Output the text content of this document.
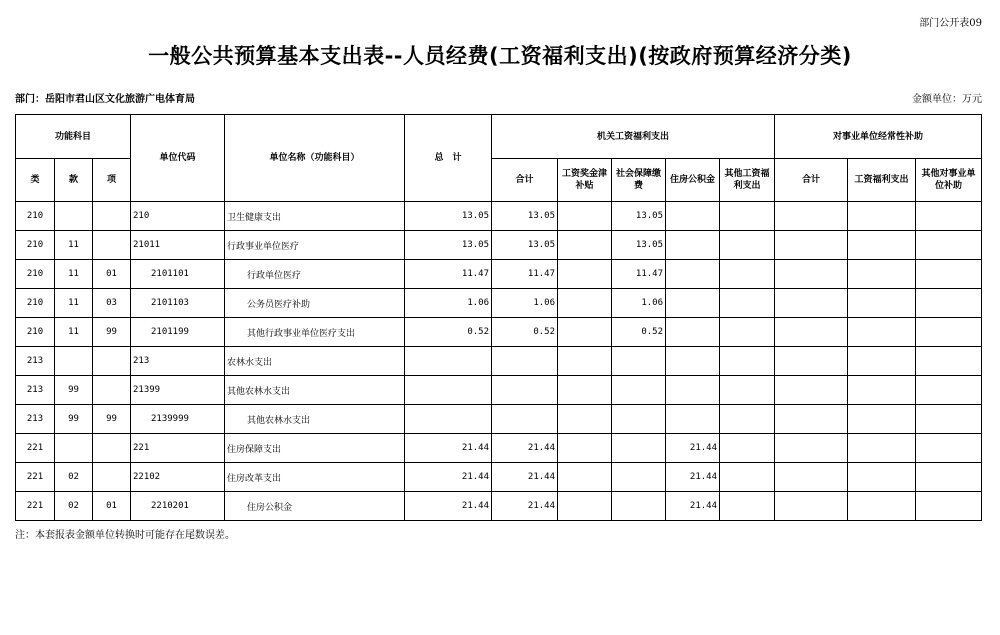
部门公开表09
一般公共预算基本支出表--人员经费(工资福利支出)(按政府预算经济分类)
部门：岳阳市君山区文化旅游广电体育局	金额单位：万元
功能科目			单位代码	单位名称（功能科目）	总　计	机关工资福利支出					对事业单位经常性补助		
类	款	项				合计	工资奖金津补贴	社会保障缴费	住房公积金	其他工资福利支出	合计	工资福利支出	其他对事业单位补助
210			210	卫生健康支出	13.05	13.05		13.05					
210	11		21011	行政事业单位医疗	13.05	13.05		13.05					
210	11	01	2101101	行政单位医疗	11.47	11.47		11.47					
210	11	03	2101103	公务员医疗补助	1.06	1.06		1.06					
210	11	99	2101199	其他行政事业单位医疗支出	0.52	0.52		0.52					
213			213	农林水支出									
213	99		21399	其他农林水支出									
213	99	99	2139999	其他农林水支出									
221			221	住房保障支出	21.44	21.44			21.44				
221	02		22102	住房改革支出	21.44	21.44			21.44				
221	02	01	2210201	住房公积金	21.44	21.44			21.44				
注：本套报表金额单位转换时可能存在尾数误差。
